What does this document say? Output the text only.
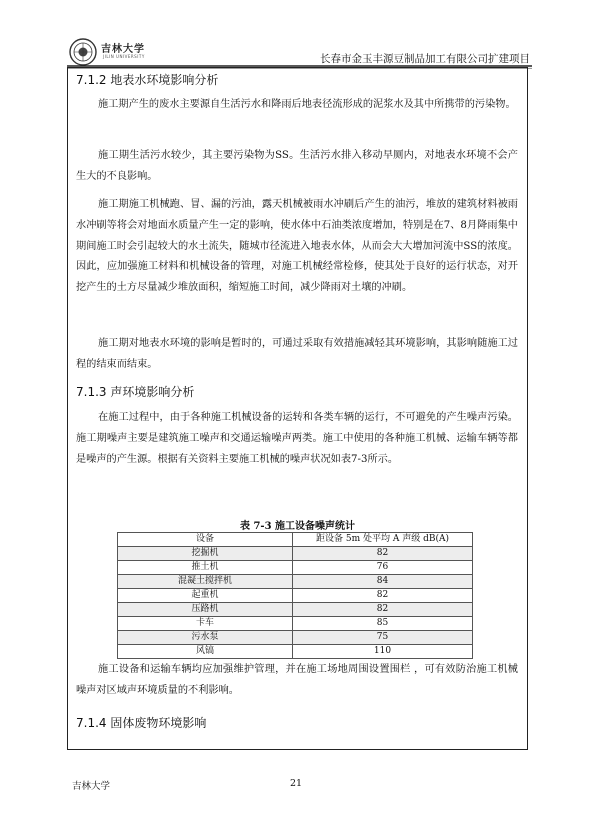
吉林大学
JILIN UNIVERSITY	长春市金玉丰源豆制品加工有限公司扩建项目
7.1.2 地表水环境影响分析

施工期产生的废水主要源自生活污水和降雨后地表径流形成的泥浆水及其中所携带的污染物。

施工期生活污水较少，其主要污染物为SS。生活污水排入移动早厕内，对地表水环境不会产生大的不良影响。

施工期施工机械跑、冒、漏的污油，露天机械被雨水冲刷后产生的油污，堆放的建筑材料被雨水冲刷等将会对地面水质量产生一定的影响，使水体中石油类浓度增加，特别是在7、8月降雨集中期间施工时会引起较大的水土流失，随城市径流进入地表水体，从而会大大增加河流中SS的浓度。因此，应加强施工材料和机械设备的管理，对施工机械经常检修，使其处于良好的运行状态，对开挖产生的土方尽量减少堆放面积，缩短施工时间，减少降雨对土壤的冲刷。

施工期对地表水环境的影响是暂时的，可通过采取有效措施减轻其环境影响，其影响随施工过程的结束而结束。

7.1.3 声环境影响分析

在施工过程中，由于各种施工机械设备的运转和各类车辆的运行，不可避免的产生噪声污染。施工期噪声主要是建筑施工噪声和交通运输噪声两类。施工中使用的各种施工机械、运输车辆等都是噪声的产生源。根据有关资料主要施工机械的噪声状况如表7-3所示。

表 7-3 施工设备噪声统计
设备	距设备 5m 处平均 A 声级 dB(A)
挖掘机	82
推土机	76
混凝土搅拌机	84
起重机	82
压路机	82
卡车	85
污水泵	75
风镐	110

施工设备和运输车辆均应加强维护管理，并在施工场地周围设置围栏 ，可有效防治施工机械噪声对区域声环境质量的不利影响。

7.1.4 固体废物环境影响
吉林大学	21
